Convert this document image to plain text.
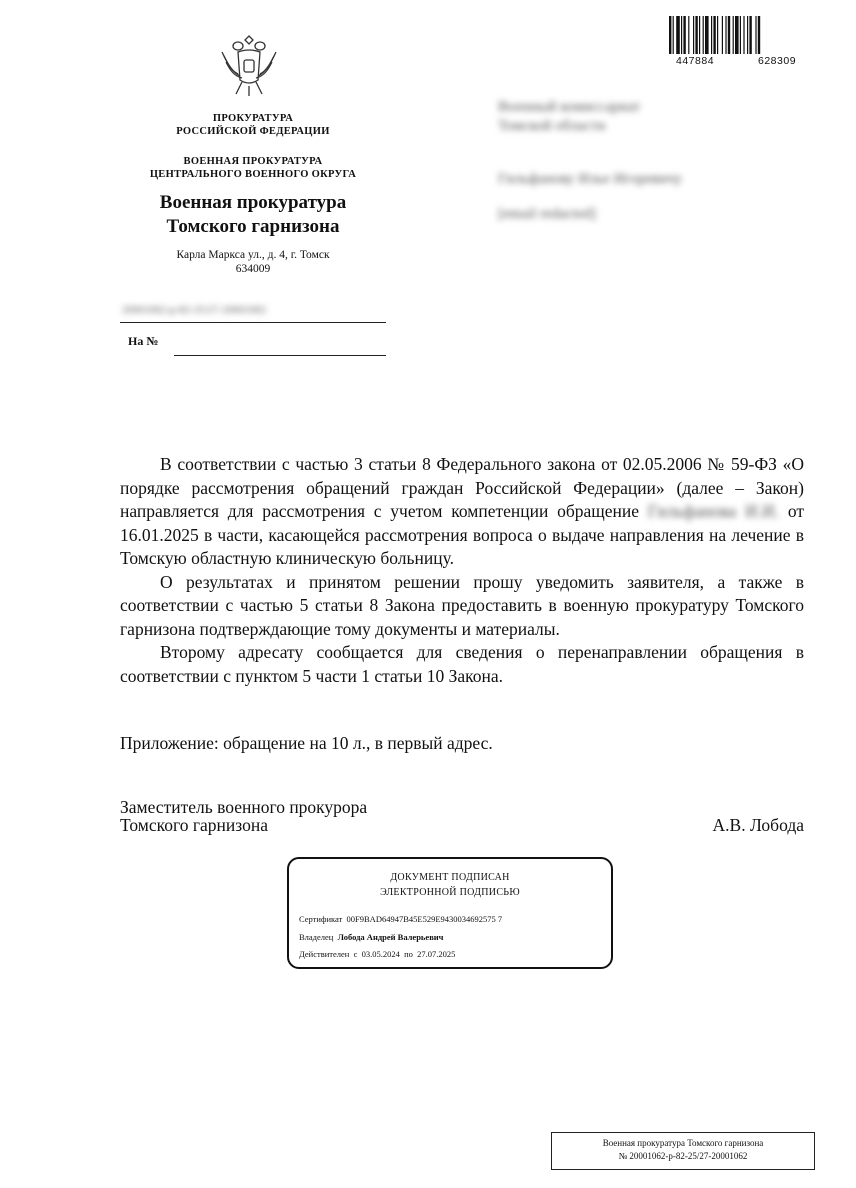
ПРОКУРАТУРА
РОССИЙСКОЙ ФЕДЕРАЦИИ
ВОЕННАЯ ПРОКУРАТУРА
ЦЕНТРАЛЬНОГО ВОЕННОГО ОКРУГА
Военная прокуратура
Томского гарнизона
Карла Маркса ул., д. 4, г. Томск
634009
20001062-р-82-25/27-20001062
На №
447884	628309
Военный комиссариат
Томской области
Гильфанову Илье Игоревичу
[email redacted]

В соответствии с частью 3 статьи 8 Федерального закона от 02.05.2006 № 59-ФЗ «О порядке рассмотрения обращений граждан Российской Федерации» (далее – Закон) направляется для рассмотрения с учетом компетенции обращение Гильфанова И.И. от 16.01.2025 в части, касающейся рассмотрения вопроса о выдаче направления на лечение в Томскую областную клиническую больницу.

О результатах и принятом решении прошу уведомить заявителя, а также в соответствии с частью 5 статьи 8 Закона предоставить в военную прокуратуру Томского гарнизона подтверждающие тому документы и материалы.

Второму адресату сообщается для сведения о перенаправлении обращения в соответствии с пунктом 5 части 1 статьи 10 Закона.

Приложение: обращение на 10 л., в первый адрес.
Заместитель военного прокурора
Томского гарнизона	А.В. Лобода
ДОКУМЕНТ ПОДПИСАН
ЭЛЕКТРОННОЙ ПОДПИСЬЮ
Сертификат 00F9BAD64947B45E529E9430034692575 7
Владелец Лобода Андрей Валерьевич
Действителен с 03.05.2024 по 27.07.2025
Военная прокуратура Томского гарнизона
№ 20001062-р-82-25/27-20001062
